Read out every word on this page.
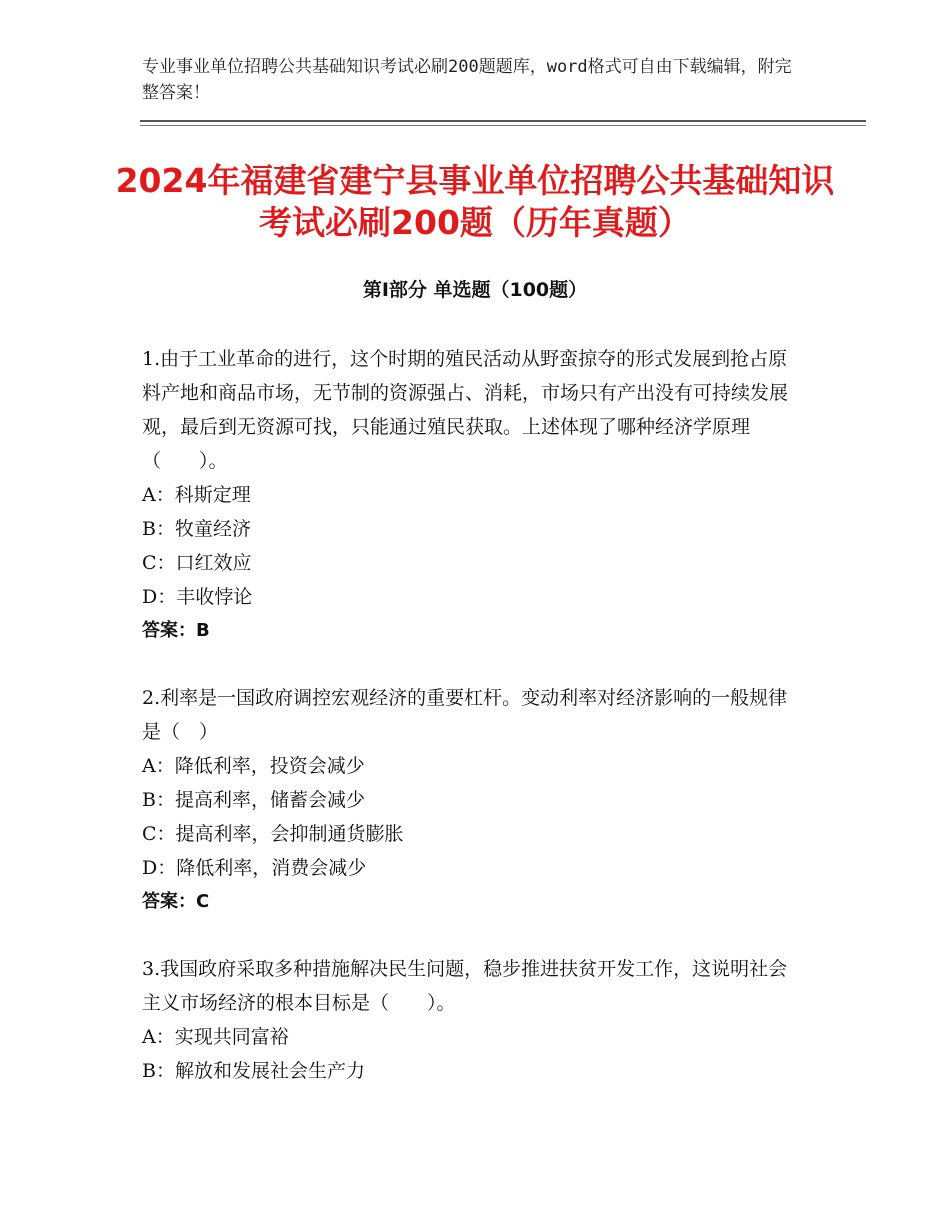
专业事业单位招聘公共基础知识考试必刷200题题库，word格式可自由下载编辑，附完整答案！
2024年福建省建宁县事业单位招聘公共基础知识考试必刷200题（历年真题）
第Ⅰ部分 单选题（100题）

1.由于工业革命的进行，这个时期的殖民活动从野蛮掠夺的形式发展到抢占原料产地和商品市场，无节制的资源强占、消耗，市场只有产出没有可持续发展观，最后到无资源可找，只能通过殖民获取。上述体现了哪种经济学原理（　　）。

A：科斯定理

B：牧童经济

C：口红效应

D：丰收悖论

答案：B

2.利率是一国政府调控宏观经济的重要杠杆。变动利率对经济影响的一般规律是（　）

A：降低利率，投资会减少

B：提高利率，储蓄会减少

C：提高利率，会抑制通货膨胀

D：降低利率，消费会减少

答案：C

3.我国政府采取多种措施解决民生问题，稳步推进扶贫开发工作，这说明社会主义市场经济的根本目标是（　　）。

A：实现共同富裕

B：解放和发展社会生产力
